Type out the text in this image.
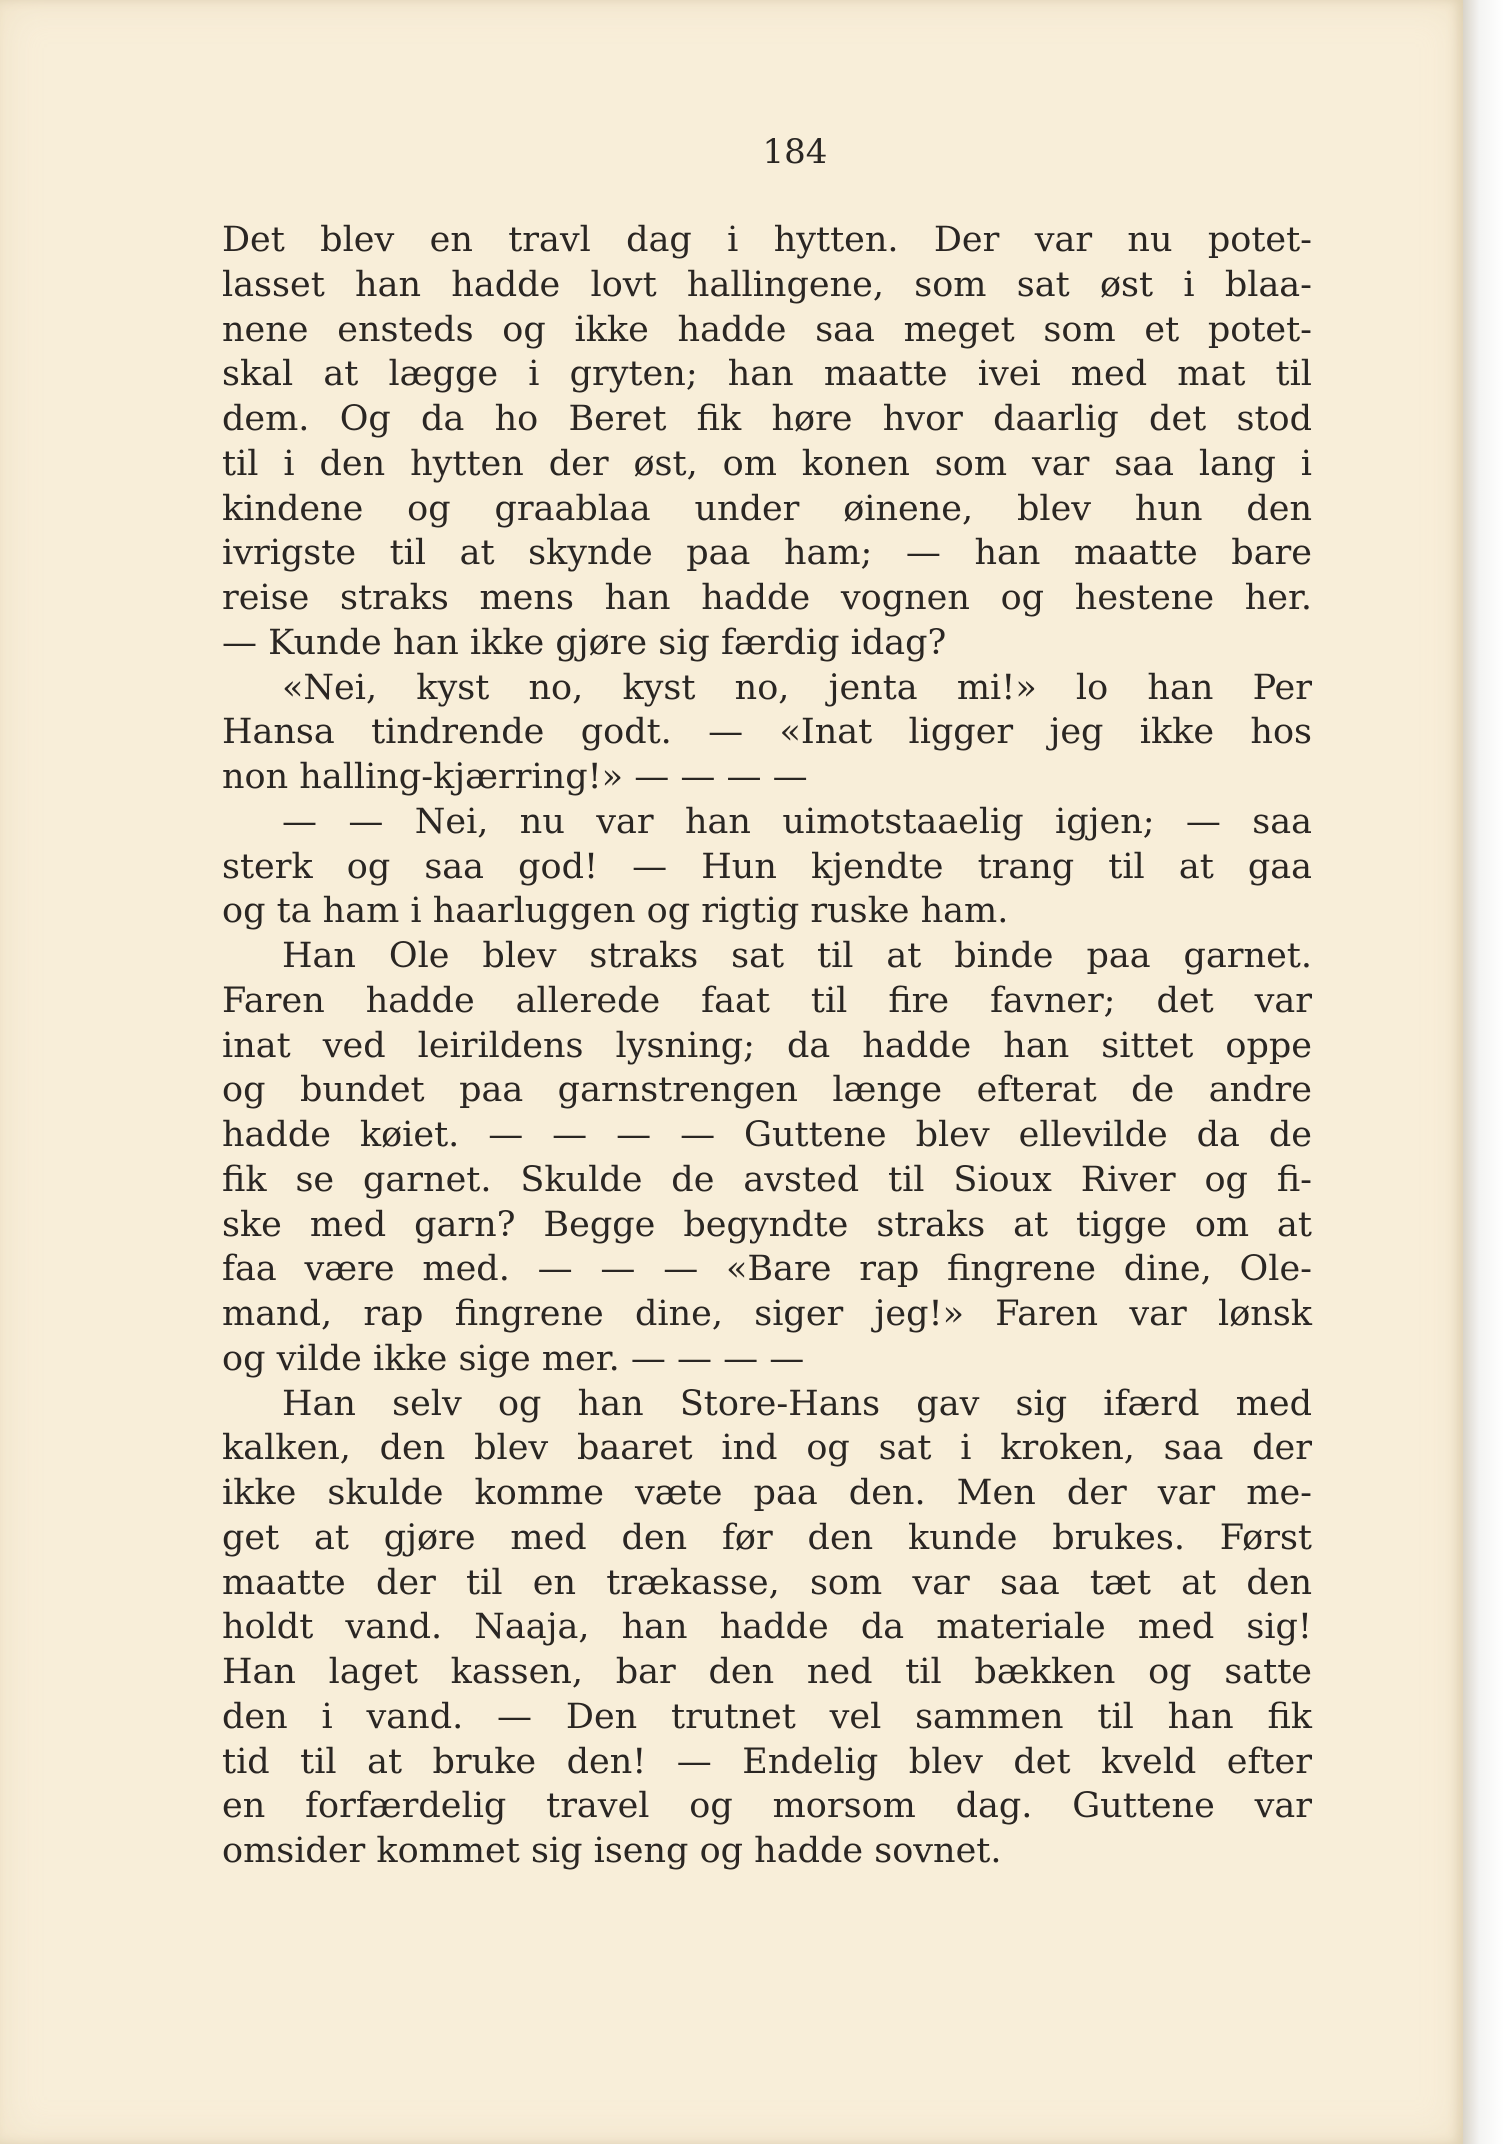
184
Det blev en travl dag i hytten. Der var nu potet-
lasset han hadde lovt hallingene, som sat øst i blaa-
nene ensteds og ikke hadde saa meget som et potet-
skal at lægge i gryten; han maatte ivei med mat til
dem. Og da ho Beret fik høre hvor daarlig det stod
til i den hytten der øst, om konen som var saa lang i
kindene og graablaa under øinene, blev hun den
ivrigste til at skynde paa ham; — han maatte bare
reise straks mens han hadde vognen og hestene her.
— Kunde han ikke gjøre sig færdig idag?
«Nei, kyst no, kyst no, jenta mi!» lo han Per
Hansa tindrende godt. — «Inat ligger jeg ikke hos
non halling-kjærring!» — — — —
— — Nei, nu var han uimotstaaelig igjen; — saa
sterk og saa god! — Hun kjendte trang til at gaa
og ta ham i haarluggen og rigtig ruske ham.
Han Ole blev straks sat til at binde paa garnet.
Faren hadde allerede faat til fire favner; det var
inat ved leirildens lysning; da hadde han sittet oppe
og bundet paa garnstrengen længe efterat de andre
hadde køiet. — — — — Guttene blev ellevilde da de
fik se garnet. Skulde de avsted til Sioux River og fi-
ske med garn? Begge begyndte straks at tigge om at
faa være med. — — — «Bare rap fingrene dine, Ole-
mand, rap fingrene dine, siger jeg!» Faren var lønsk
og vilde ikke sige mer. — — — —
Han selv og han Store-Hans gav sig ifærd med
kalken, den blev baaret ind og sat i kroken, saa der
ikke skulde komme væte paa den. Men der var me-
get at gjøre med den før den kunde brukes. Først
maatte der til en trækasse, som var saa tæt at den
holdt vand. Naaja, han hadde da materiale med sig!
Han laget kassen, bar den ned til bækken og satte
den i vand. — Den trutnet vel sammen til han fik
tid til at bruke den! — Endelig blev det kveld efter
en forfærdelig travel og morsom dag. Guttene var
omsider kommet sig iseng og hadde sovnet.
